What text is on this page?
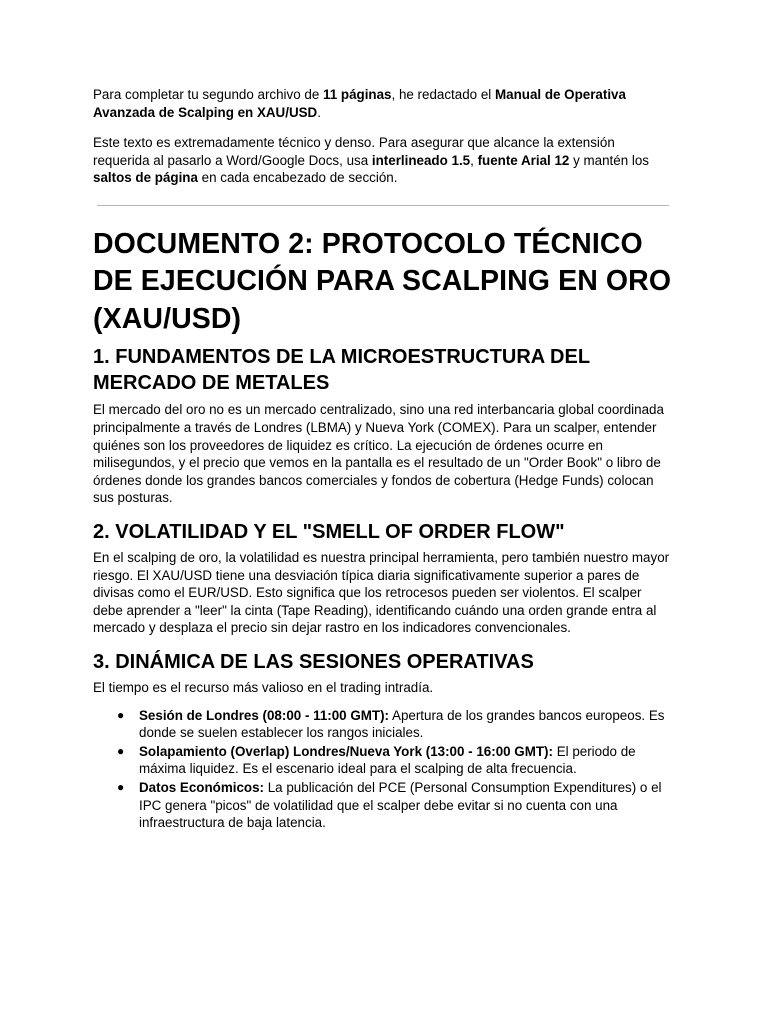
Para completar tu segundo archivo de 11 páginas, he redactado el Manual de Operativa Avanzada de Scalping en XAU/USD.

Este texto es extremadamente técnico y denso. Para asegurar que alcance la extensión requerida al pasarlo a Word/Google Docs, usa interlineado 1.5, fuente Arial 12 y mantén los saltos de página en cada encabezado de sección.

DOCUMENTO 2: PROTOCOLO TÉCNICO DE EJECUCIÓN PARA SCALPING EN ORO (XAU/USD)
1. FUNDAMENTOS DE LA MICROESTRUCTURA DEL MERCADO DE METALES

El mercado del oro no es un mercado centralizado, sino una red interbancaria global coordinada principalmente a través de Londres (LBMA) y Nueva York (COMEX). Para un scalper, entender quiénes son los proveedores de liquidez es crítico. La ejecución de órdenes ocurre en milisegundos, y el precio que vemos en la pantalla es el resultado de un "Order Book" o libro de órdenes donde los grandes bancos comerciales y fondos de cobertura (Hedge Funds) colocan sus posturas.

2. VOLATILIDAD Y EL "SMELL OF ORDER FLOW"

En el scalping de oro, la volatilidad es nuestra principal herramienta, pero también nuestro mayor riesgo. El XAU/USD tiene una desviación típica diaria significativamente superior a pares de divisas como el EUR/USD. Esto significa que los retrocesos pueden ser violentos. El scalper debe aprender a "leer" la cinta (Tape Reading), identificando cuándo una orden grande entra al mercado y desplaza el precio sin dejar rastro en los indicadores convencionales.

3. DINÁMICA DE LAS SESIONES OPERATIVAS

El tiempo es el recurso más valioso en el trading intradía.

● Sesión de Londres (08:00 - 11:00 GMT): Apertura de los grandes bancos europeos. Es donde se suelen establecer los rangos iniciales.
● Solapamiento (Overlap) Londres/Nueva York (13:00 - 16:00 GMT): El periodo de máxima liquidez. Es el escenario ideal para el scalping de alta frecuencia.
● Datos Económicos: La publicación del PCE (Personal Consumption Expenditures) o el IPC genera "picos" de volatilidad que el scalper debe evitar si no cuenta con una infraestructura de baja latencia.
